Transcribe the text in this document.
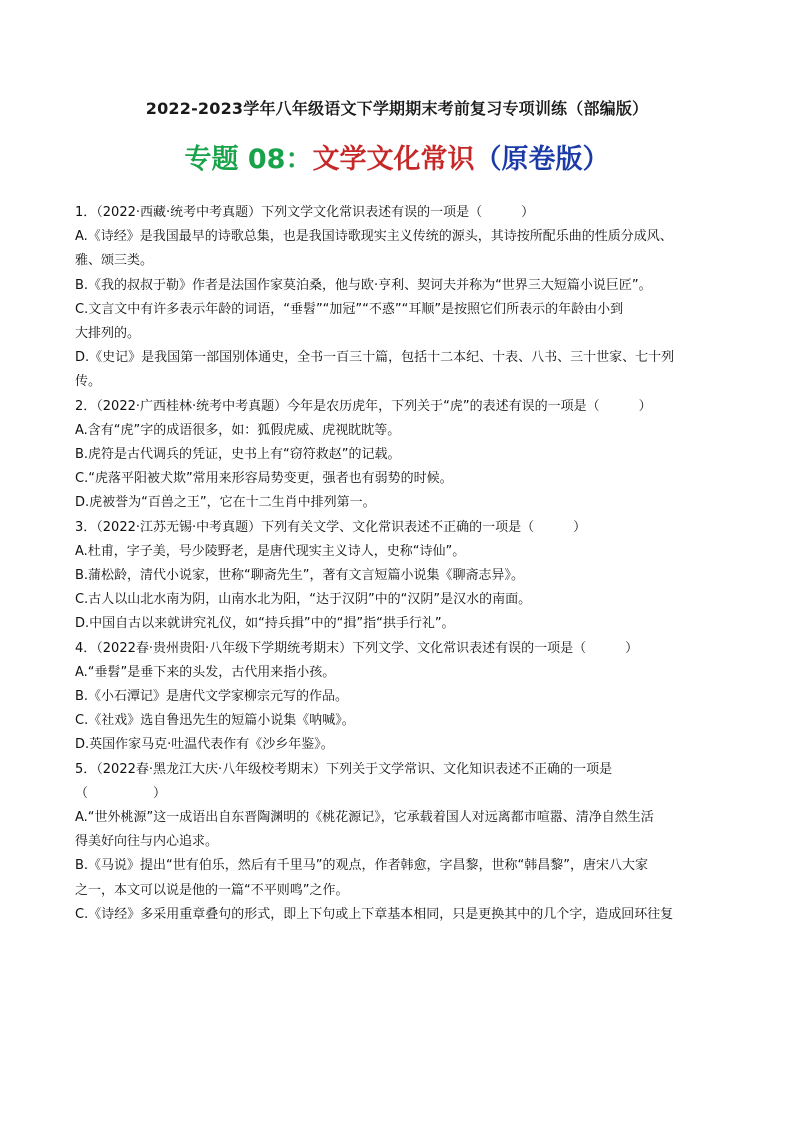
2022-2023学年八年级语文下学期期末考前复习专项训练（部编版）
专题 08：文学文化常识（原卷版）
1．（2022·西藏·统考中考真题）下列文学文化常识表述有误的一项是（　　　）
A.《诗经》是我国最早的诗歌总集，也是我国诗歌现实主义传统的源头，其诗按所配乐曲的性质分成风、
雅、颂三类。
B.《我的叔叔于勒》作者是法国作家莫泊桑，他与欧·亨利、契诃夫并称为“世界三大短篇小说巨匠”。
C.文言文中有许多表示年龄的词语，“垂髫”“加冠”“不惑”“耳顺”是按照它们所表示的年龄由小到
大排列的。
D.《史记》是我国第一部国别体通史，全书一百三十篇，包括十二本纪、十表、八书、三十世家、七十列
传。
2．（2022·广西桂林·统考中考真题）今年是农历虎年，下列关于“虎”的表述有误的一项是（　　　）
A.含有“虎”字的成语很多，如：狐假虎威、虎视眈眈等。
B.虎符是古代调兵的凭证，史书上有“窃符救赵”的记载。
C.“虎落平阳被犬欺”常用来形容局势变更，强者也有弱势的时候。
D.虎被誉为“百兽之王”，它在十二生肖中排列第一。
3．（2022·江苏无锡·中考真题）下列有关文学、文化常识表述不正确的一项是（　　　）
A.杜甫，字子美，号少陵野老，是唐代现实主义诗人，史称“诗仙”。
B.蒲松龄，清代小说家，世称“聊斋先生”，著有文言短篇小说集《聊斋志异》。
C.古人以山北水南为阴，山南水北为阳，“达于汉阴”中的“汉阴”是汉水的南面。
D.中国自古以来就讲究礼仪，如“持兵揖”中的“揖”指“拱手行礼”。
4．（2022春·贵州贵阳·八年级下学期统考期末）下列文学、文化常识表述有误的一项是（　　　）
A.“垂髫”是垂下来的头发，古代用来指小孩。
B.《小石潭记》是唐代文学家柳宗元写的作品。
C.《社戏》选自鲁迅先生的短篇小说集《呐喊》。
D.英国作家马克·吐温代表作有《沙乡年鉴》。
5．（2022春·黑龙江大庆·八年级校考期末）下列关于文学常识、文化知识表述不正确的一项是
（　　　　　）
A.“世外桃源”这一成语出自东晋陶渊明的《桃花源记》，它承载着国人对远离都市喧嚣、清净自然生活
得美好向往与内心追求。
B.《马说》提出“世有伯乐，然后有千里马”的观点，作者韩愈，字昌黎，世称“韩昌黎”，唐宋八大家
之一，本文可以说是他的一篇“不平则鸣”之作。
C.《诗经》多采用重章叠句的形式，即上下句或上下章基本相同，只是更换其中的几个字，造成回环往复
